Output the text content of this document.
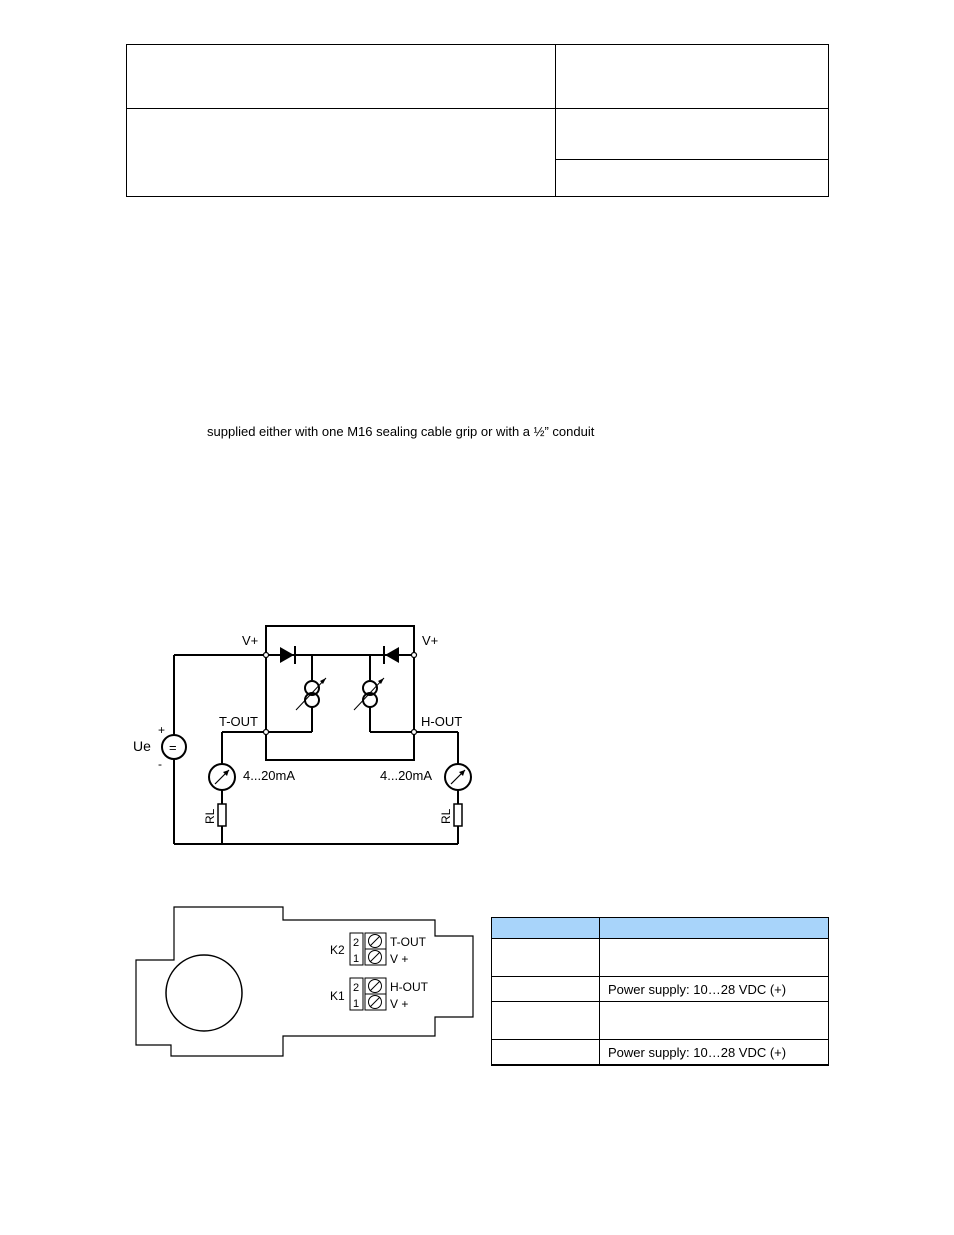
supplied either with one M16 sealing cable grip or with a ½” conduit
V+	V+
T-OUT	H-OUT
Ue
+
-
=
4...20mA	4...20mA
RL	RL
K2
K1
2
1
2
1
T-OUT
V +
H-OUT
V +

	Power supply: 10…28 VDC (+)

	Power supply: 10…28 VDC (+)
